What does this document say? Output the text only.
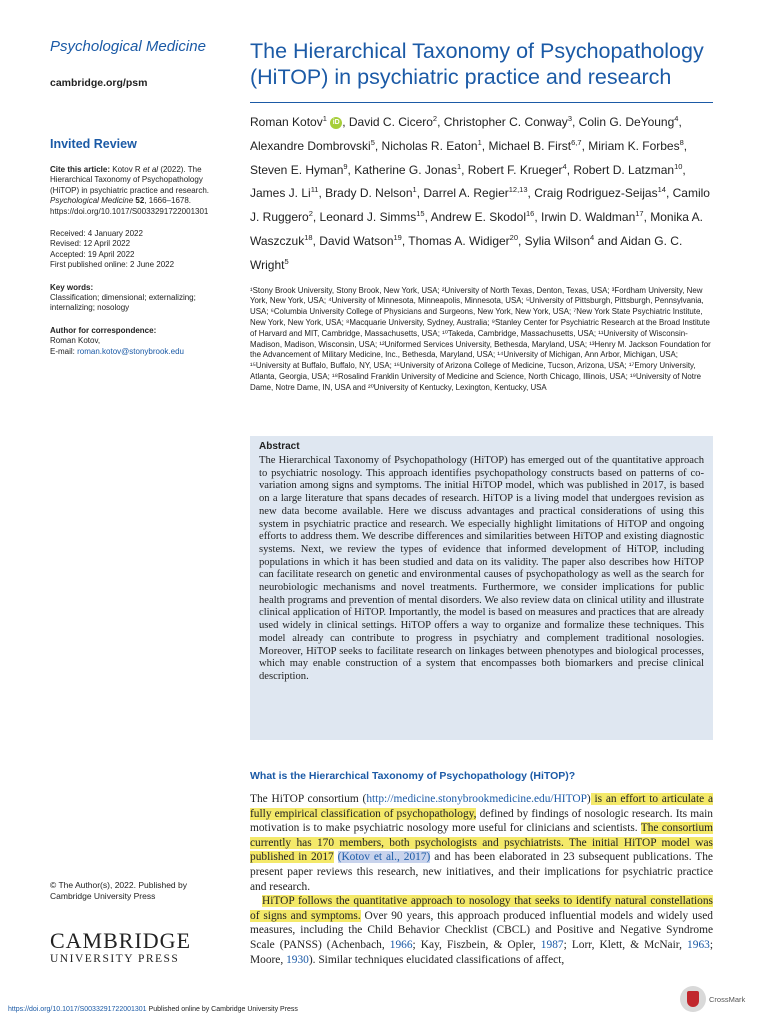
Psychological Medicine
cambridge.org/psm
Invited Review
Cite this article: Kotov R et al (2022). The Hierarchical Taxonomy of Psychopathology (HiTOP) in psychiatric practice and research. Psychological Medicine 52, 1666–1678. https://doi.org/10.1017/S0033291722001301
Received: 4 January 2022
Revised: 12 April 2022
Accepted: 19 April 2022
First published online: 2 June 2022
Key words:
Classification; dimensional; externalizing; internalizing; nosology
Author for correspondence:
Roman Kotov,
E-mail: roman.kotov@stonybrook.edu
© The Author(s), 2022. Published by Cambridge University Press
CAMBRIDGE
UNIVERSITY PRESS
The Hierarchical Taxonomy of Psychopathology (HiTOP) in psychiatric practice and research
Roman Kotov$^1$ iD , David C. Cicero$^2$, Christopher C. Conway$^3$, Colin G. DeYoung$^4$, Alexandre Dombrovski$^5$, Nicholas R. Eaton$^1$, Michael B. First$^{6,7}$, Miriam K. Forbes$^8$, Steven E. Hyman$^9$, Katherine G. Jonas$^1$, Robert F. Krueger$^4$, Robert D. Latzman$^{10}$, James J. Li$^{11}$, Brady D. Nelson$^1$, Darrel A. Regier$^{12,13}$, Craig Rodriguez-Seijas$^{14}$, Camilo J. Ruggero$^2$, Leonard J. Simms$^{15}$, Andrew E. Skodol$^{16}$, Irwin D. Waldman$^{17}$, Monika A. Waszczuk$^{18}$, David Watson$^{19}$, Thomas A. Widiger$^{20}$, Sylia Wilson$^4$ and Aidan G. C. Wright$^5$

¹Stony Brook University, Stony Brook, New York, USA; ²University of North Texas, Denton, Texas, USA; ³Fordham University, New York, New York, USA; ⁴University of Minnesota, Minneapolis, Minnesota, USA; ⁵University of Pittsburgh, Pittsburgh, Pennsylvania, USA; ⁶Columbia University College of Physicians and Surgeons, New York, New York, USA; ⁷New York State Psychiatric Institute, New York, New York, USA; ⁸Macquarie University, Sydney, Australia; ⁹Stanley Center for Psychiatric Research at the Broad Institute of Harvard and MIT, Cambridge, Massachusetts, USA; ¹⁰Takeda, Cambridge, Massachusetts, USA; ¹¹University of Wisconsin-Madison, Madison, Wisconsin, USA; ¹²Uniformed Services University, Bethesda, Maryland, USA; ¹³Henry M. Jackson Foundation for the Advancement of Military Medicine, Inc., Bethesda, Maryland, USA; ¹⁴University of Michigan, Ann Arbor, Michigan, USA; ¹⁵University at Buffalo, Buffalo, NY, USA; ¹⁶University of Arizona College of Medicine, Tucson, Arizona, USA; ¹⁷Emory University, Atlanta, Georgia, USA; ¹⁸Rosalind Franklin University of Medicine and Science, North Chicago, Illinois, USA; ¹⁹University of Notre Dame, Notre Dame, IN, USA and ²⁰University of Kentucky, Lexington, Kentucky, USA

Abstract

The Hierarchical Taxonomy of Psychopathology (HiTOP) has emerged out of the quantitative approach to psychiatric nosology. This approach identifies psychopathology constructs based on patterns of co-variation among signs and symptoms. The initial HiTOP model, which was published in 2017, is based on a large literature that spans decades of research. HiTOP is a living model that undergoes revision as new data become available. Here we discuss advantages and practical considerations of using this system in psychiatric practice and research. We especially highlight limitations of HiTOP and ongoing efforts to address them. We describe differences and similarities between HiTOP and existing diagnostic systems. Next, we review the types of evidence that informed development of HiTOP, including populations in which it has been studied and data on its validity. The paper also describes how HiTOP can facilitate research on genetic and environmental causes of psychopathology as well as the search for neurobiologic mechanisms and novel treatments. Furthermore, we consider implications for public health programs and prevention of mental disorders. We also review data on clinical utility and illustrate clinical application of HiTOP. Importantly, the model is based on measures and practices that are already used widely in clinical settings. HiTOP offers a way to organize and formalize these techniques. This model already can contribute to progress in psychiatry and complement traditional nosologies. Moreover, HiTOP seeks to facilitate research on linkages between phenotypes and biological processes, which may enable construction of a system that encompasses both biomarkers and precise clinical description.

What is the Hierarchical Taxonomy of Psychopathology (HiTOP)?

The HiTOP consortium (http://medicine.stonybrookmedicine.edu/HITOP) is an effort to articulate a fully empirical classification of psychopathology, defined by findings of nosologic research. Its main motivation is to make psychiatric nosology more useful for clinicians and scientists. The consortium currently has 170 members, both psychologists and psychiatrists. The initial HiTOP model was published in 2017 (Kotov et al., 2017) and has been elaborated in 23 subsequent publications. The present paper reviews this research, new initiatives, and their implications for psychiatric practice and research.

HiTOP follows the quantitative approach to nosology that seeks to identify natural constellations of signs and symptoms. Over 90 years, this approach produced influential models and widely used measures, including the Child Behavior Checklist (CBCL) and Positive and Negative Syndrome Scale (PANSS) (Achenbach, 1966; Kay, Fiszbein, & Opler, 1987; Lorr, Klett, & McNair, 1963; Moore, 1930). Similar techniques elucidated classifications of affect,

https://doi.org/10.1017/S0033291722001301 Published online by Cambridge University Press
CrossMark
